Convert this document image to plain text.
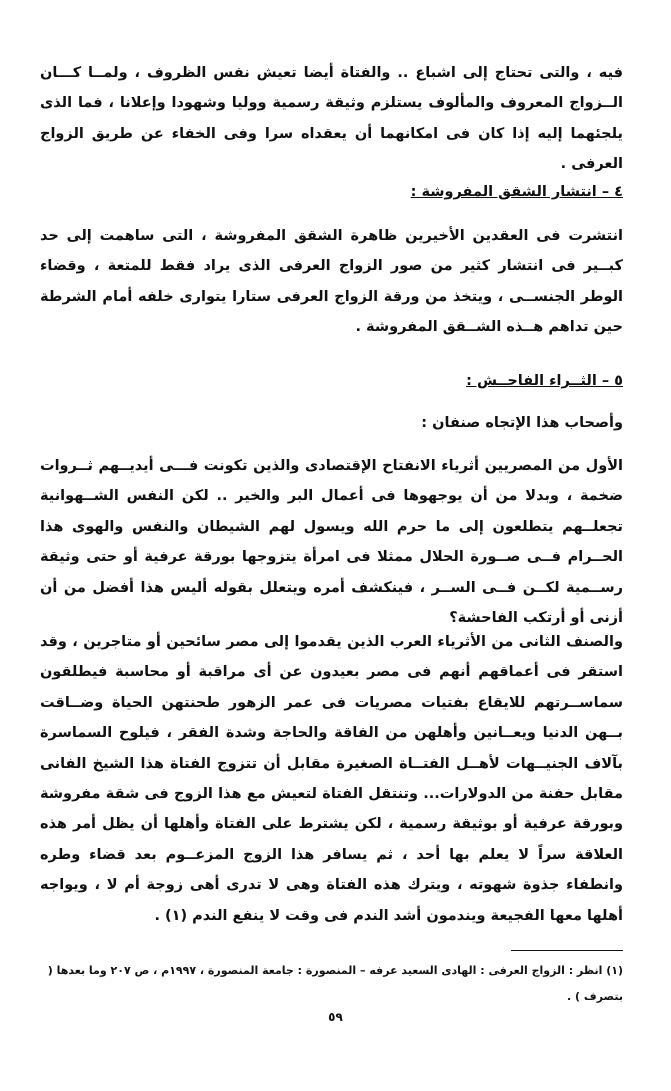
فيه ، والتى تحتاج إلى اشباع .. والفتاة أيضا تعيش نفس الظروف ، ولمــا كـــان الــزواج المعروف والمألوف يستلزم وثيقة رسمية ووليا وشهودا وإعلانا ، فما الذى يلجئهما إليه إذا كان فى امكانهما أن يعقداه سرا وفى الخفاء عن طريق الزواج العرفى .

٤ – انتشار الشقق المفروشة :

انتشرت فى العقدين الأخيرين ظاهرة الشقق المفروشة ، التى ساهمت إلى حد كبــير فى انتشار كثير من صور الزواج العرفى الذى يراد فقط للمتعة ، وقضاء الوطر الجنســى ، ويتخذ من ورقة الزواج العرفى ستارا يتوارى خلفه أمام الشرطة حين تداهم هــذه الشــقق المفروشة .

٥ – الثــراء الفاحــش :

وأصحاب هذا الإتجاه صنفان :

الأول من المصريين أثرياء الانفتاح الإقتصادى والذين تكونت فـــى أيديــهم ثــروات ضخمة ، وبدلا من أن يوجهوها فى أعمال البر والخير .. لكن النفس الشــهوانية تجعلــهم يتطلعون إلى ما حرم الله ويسول لهم الشيطان والنفس والهوى هذا الحــرام فــى صــورة الحلال ممثلا فى امرأة يتزوجها بورقة عرفية أو حتى وثيقة رســمية لكــن فــى الســر ، فينكشف أمره ويتعلل بقوله أليس هذا أفضل من أن أزنى أو أرتكب الفاحشة؟

والصنف الثانى من الأثرياء العرب الذين يقدموا إلى مصر سائحين أو متاجرين ، وقد استقر فى أعماقهم أنهم فى مصر بعيدون عن أى مراقبة أو محاسبة فيطلقون سماســرتهم للايقاع بفتيات مصريات فى عمر الزهور طحنتهن الحياة وضــاقت بــهن الدنيا ويعــانين وأهلهن من الفاقة والحاجة وشدة الفقر ، فيلوح السماسرة بآلاف الجنيــهات لأهــل الفتــاة الصغيرة مقابل أن تتزوج الفتاة هذا الشيخ الفانى مقابل حفنة من الدولارات... وتنتقل الفتاة لتعيش مع هذا الزوج فى شقة مفروشة وبورقة عرفية أو بوثيقة رسمية ، لكن يشترط على الفتاة وأهلها أن يظل أمر هذه العلاقة سراً لا يعلم بها أحد ، ثم يسافر هذا الزوج المزعــوم بعد قضاء وطره وانطفاء جذوة شهوته ، ويترك هذه الفتاة وهى لا تدرى أهى زوجة أم لا ، ويواجه أهلها معها الفجيعة ويندمون أشد الندم فى وقت لا ينفع الندم (١) .

(١) انظر : الزواج العرفى : الهادى السعيد عرفه – المنصورة : جامعة المنصورة ، ١٩٩٧م ، ص ٢٠٧ وما بعدها ( بتصرف ) .

٥٩
